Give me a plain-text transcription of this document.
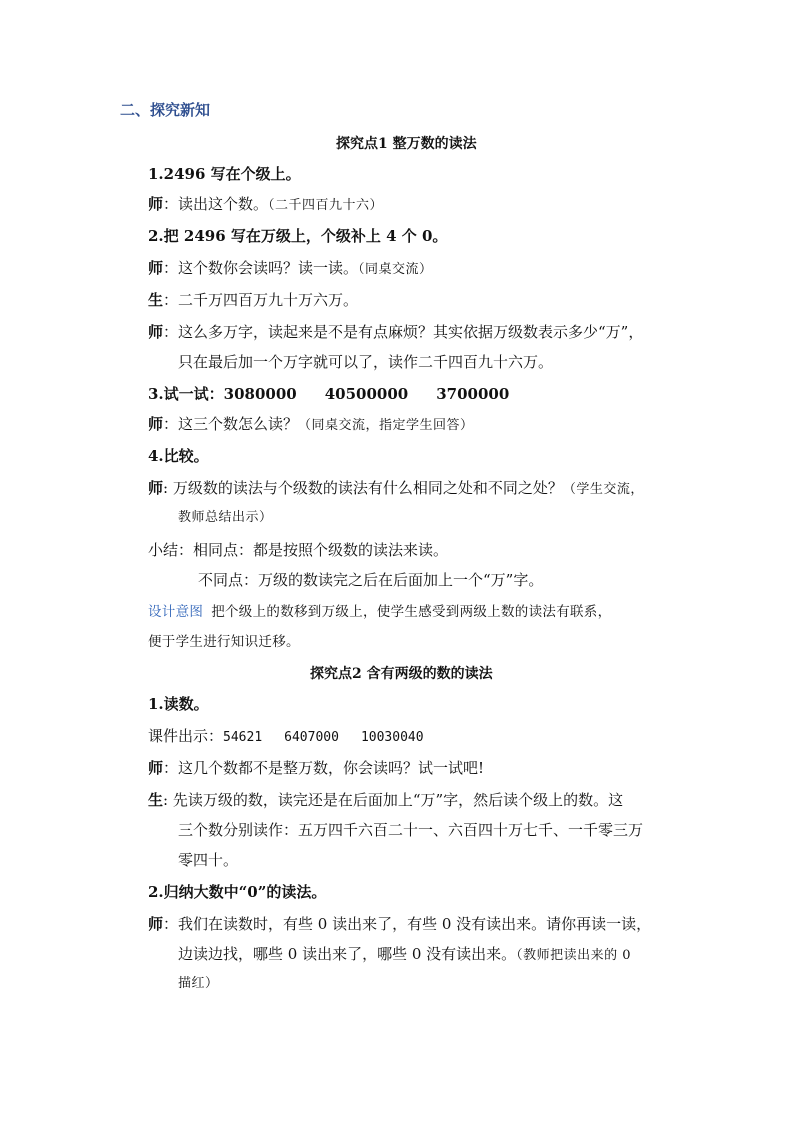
二、探究新知
探究点1 整万数的读法
1.2496 写在个级上。
师：读出这个数。（二千四百九十六）
2.把 2496 写在万级上，个级补上 4 个 0。
师：这个数你会读吗？读一读。（同桌交流）
生：二千万四百万九十万六万。
师：这么多万字，读起来是不是有点麻烦？其实依据万级数表示多少“万”，
只在最后加一个万字就可以了，读作二千四百九十六万。
3.试一试：3080000 40500000 3700000
师：这三个数怎么读？（同桌交流，指定学生回答）
4.比较。
师: 万级数的读法与个级数的读法有什么相同之处和不同之处？（学生交流，
教师总结出示）
小结：相同点：都是按照个级数的读法来读。
不同点：万级的数读完之后在后面加上一个“万”字。
设计意图 把个级上的数移到万级上，使学生感受到两级上数的读法有联系，
便于学生进行知识迁移。
探究点2 含有两级的数的读法
1.读数。
课件出示：54621 6407000 10030040
师：这几个数都不是整万数，你会读吗？试一试吧!
生: 先读万级的数，读完还是在后面加上“万”字，然后读个级上的数。这
三个数分别读作：五万四千六百二十一、六百四十万七千、一千零三万
零四十。
2.归纳大数中“0”的读法。
师：我们在读数时，有些 0 读出来了，有些 0 没有读出来。请你再读一读，
边读边找，哪些 0 读出来了，哪些 0 没有读出来。（教师把读出来的 0
描红）
